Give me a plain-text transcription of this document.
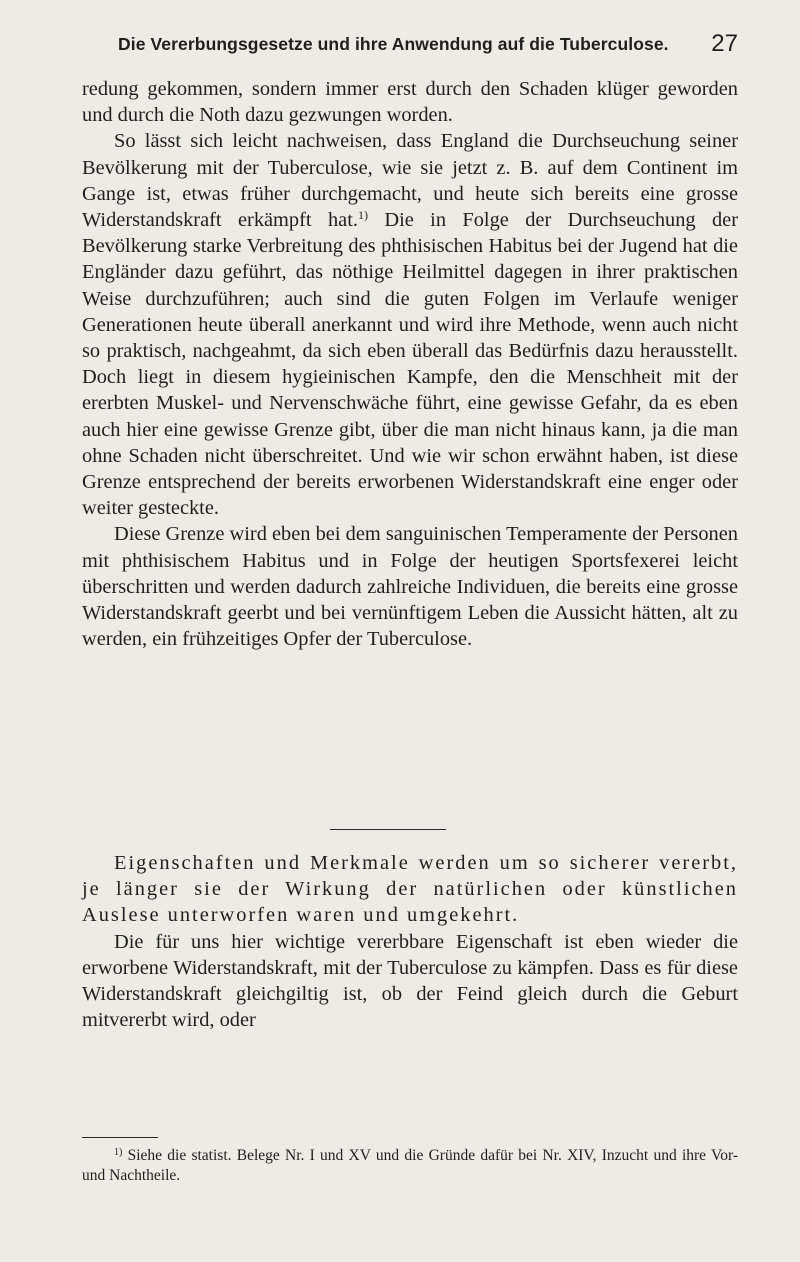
Die Vererbungsgesetze und ihre Anwendung auf die Tuberculose. 27

redung gekommen, sondern immer erst durch den Schaden klüger geworden und durch die Noth dazu gezwungen worden.

So lässt sich leicht nachweisen, dass England die Durchseuchung seiner Bevölkerung mit der Tuberculose, wie sie jetzt z. B. auf dem Continent im Gange ist, etwas früher durchgemacht, und heute sich bereits eine grosse Widerstandskraft erkämpft hat.$^{1)}$ Die in Folge der Durchseuchung der Bevölkerung starke Verbreitung des phthisischen Habitus bei der Jugend hat die Engländer dazu geführt, das nöthige Heilmittel dagegen in ihrer praktischen Weise durchzuführen; auch sind die guten Folgen im Verlaufe weniger Generationen heute überall anerkannt und wird ihre Methode, wenn auch nicht so praktisch, nachgeahmt, da sich eben überall das Bedürfnis dazu herausstellt. Doch liegt in diesem hygieinischen Kampfe, den die Menschheit mit der ererbten Muskel- und Nervenschwäche führt, eine gewisse Gefahr, da es eben auch hier eine gewisse Grenze gibt, über die man nicht hinaus kann, ja die man ohne Schaden nicht überschreitet. Und wie wir schon erwähnt haben, ist diese Grenze entsprechend der bereits erworbenen Widerstandskraft eine enger oder weiter gesteckte.

Diese Grenze wird eben bei dem sanguinischen Temperamente der Personen mit phthisischem Habitus und in Folge der heutigen Sportsfexerei leicht überschritten und werden dadurch zahlreiche Individuen, die bereits eine grosse Widerstandskraft geerbt und bei vernünftigem Leben die Aussicht hätten, alt zu werden, ein frühzeitiges Opfer der Tuberculose.

Eigenschaften und Merkmale werden um so sicherer vererbt, je länger sie der Wirkung der natürlichen oder künstlichen Auslese unterworfen waren und umgekehrt.

Die für uns hier wichtige vererbbare Eigenschaft ist eben wieder die erworbene Widerstandskraft, mit der Tuberculose zu kämpfen. Dass es für diese Widerstandskraft gleichgiltig ist, ob der Feind gleich durch die Geburt mitvererbt wird, oder

$^{1)}$ Siehe die statist. Belege Nr. I und XV und die Gründe dafür bei Nr. XIV, Inzucht und ihre Vor- und Nachtheile.
